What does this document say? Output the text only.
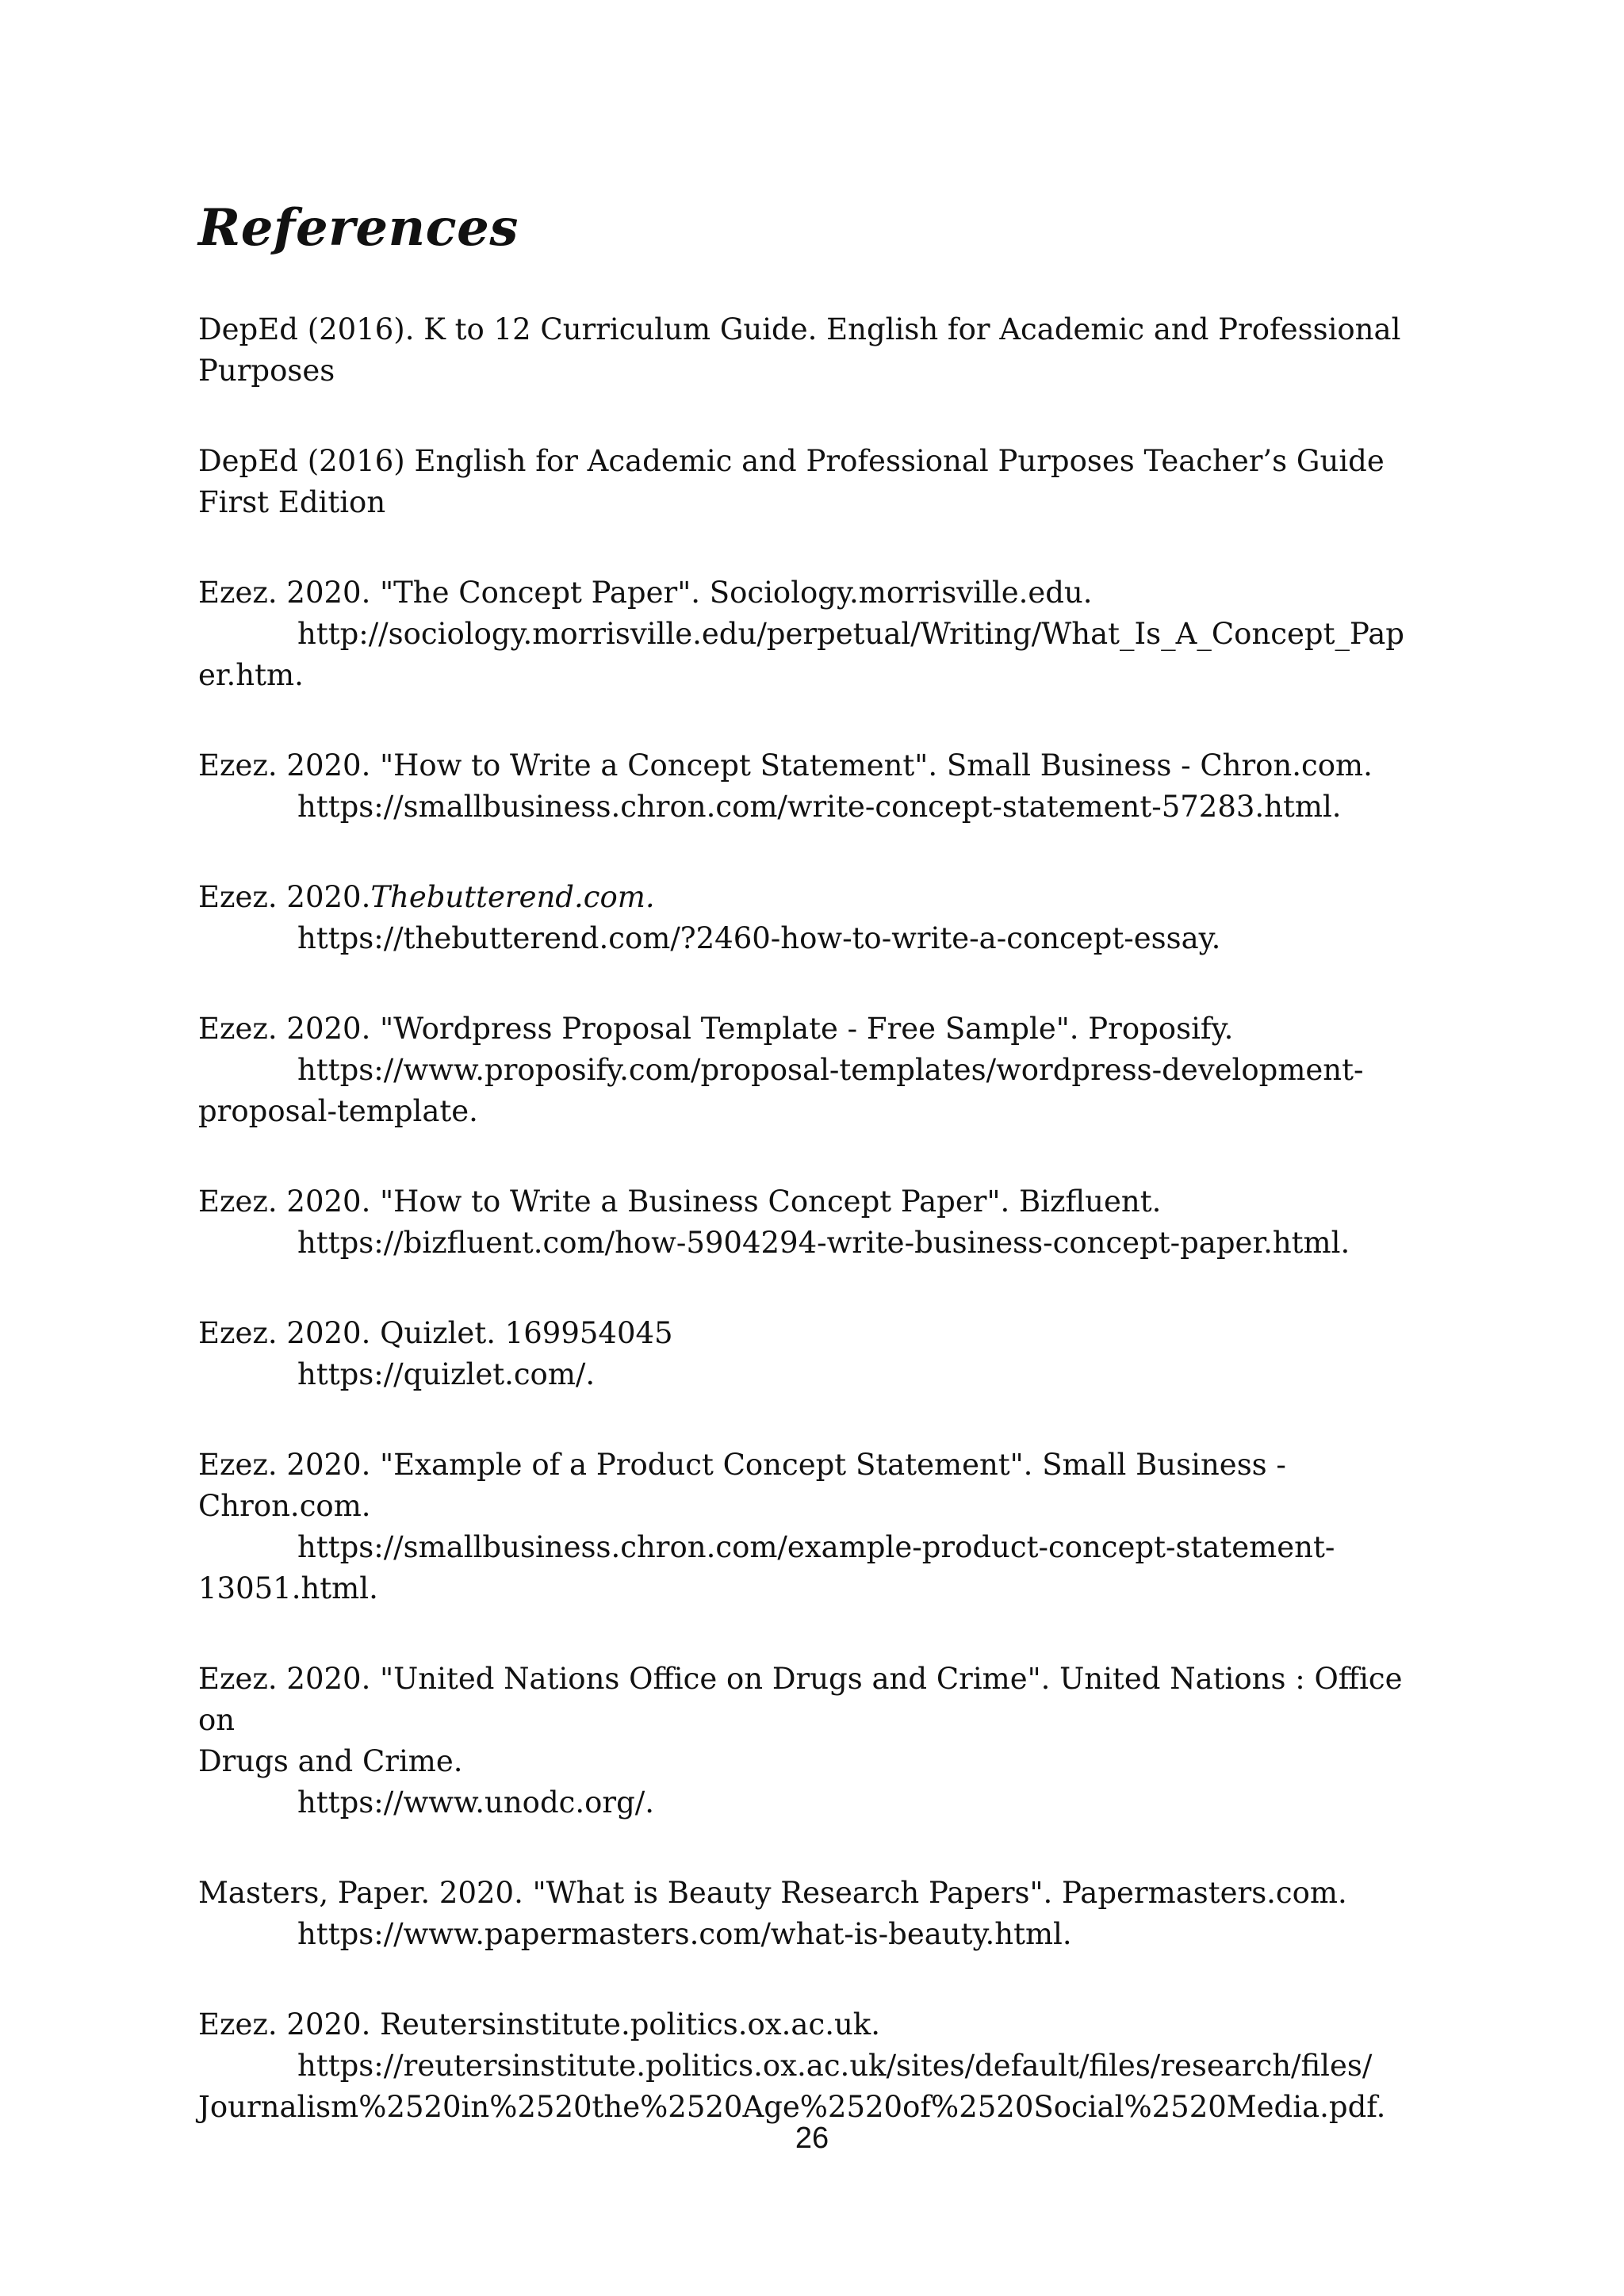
References
DepEd (2016). K to 12 Curriculum Guide. English for Academic and Professional
Purposes
DepEd (2016) English for Academic and Professional Purposes Teacher’s Guide
First Edition
Ezez. 2020. "The Concept Paper". Sociology.morrisville.edu.
http://sociology.morrisville.edu/perpetual/Writing/What_Is_A_Concept_Pap
er.htm.
Ezez. 2020. "How to Write a Concept Statement". Small Business - Chron.com.
https://smallbusiness.chron.com/write-concept-statement-57283.html.
Ezez. 2020.Thebutterend.com.
https://thebutterend.com/?2460-how-to-write-a-concept-essay.
Ezez. 2020. "Wordpress Proposal Template - Free Sample". Proposify.
https://www.proposify.com/proposal-templates/wordpress-development-
proposal-template.
Ezez. 2020. "How to Write a Business Concept Paper". Bizfluent.
https://bizfluent.com/how-5904294-write-business-concept-paper.html.
Ezez. 2020. Quizlet. 169954045
https://quizlet.com/.
Ezez. 2020. "Example of a Product Concept Statement". Small Business -
Chron.com.
https://smallbusiness.chron.com/example-product-concept-statement-
13051.html.
Ezez. 2020. "United Nations Office on Drugs and Crime". United Nations : Office on
Drugs and Crime.
https://www.unodc.org/.
Masters, Paper. 2020. "What is Beauty Research Papers". Papermasters.com.
https://www.papermasters.com/what-is-beauty.html.
Ezez. 2020. Reutersinstitute.politics.ox.ac.uk.
https://reutersinstitute.politics.ox.ac.uk/sites/default/files/research/files/
Journalism%2520in%2520the%2520Age%2520of%2520Social%2520Media.pdf.
26
